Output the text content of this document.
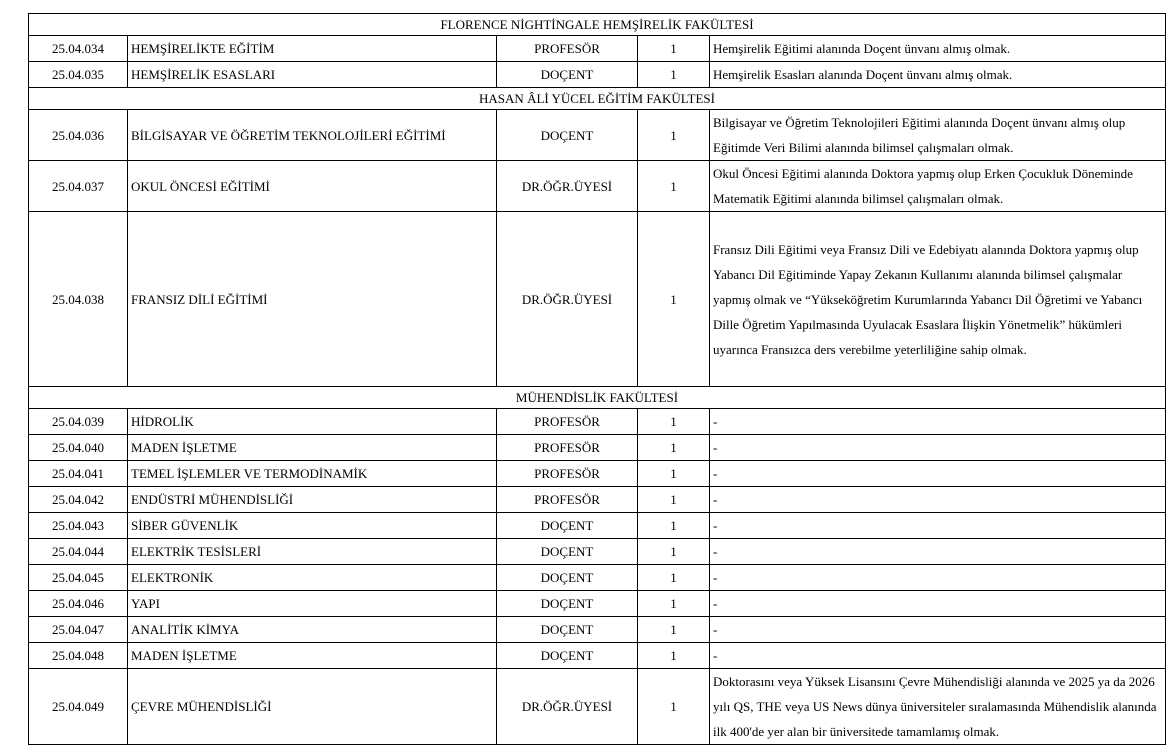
FLORENCE NİGHTİNGALE HEMŞİRELİK FAKÜLTESİ				
25.04.034	HEMŞİRELİKTE EĞİTİM	PROFESÖR	1	Hemşirelik Eğitimi alanında Doçent ünvanı almış olmak.
25.04.035	HEMŞİRELİK ESASLARI	DOÇENT	1	Hemşirelik Esasları alanında Doçent ünvanı almış olmak.
HASAN ÂLİ YÜCEL EĞİTİM FAKÜLTESİ				
25.04.036	BİLGİSAYAR VE ÖĞRETİM TEKNOLOJİLERİ EĞİTİMİ	DOÇENT	1	Bilgisayar ve Öğretim Teknolojileri Eğitimi alanında Doçent ünvanı almış olup Eğitimde Veri Bilimi alanında bilimsel çalışmaları olmak.
25.04.037	OKUL ÖNCESİ EĞİTİMİ	DR.ÖĞR.ÜYESİ	1	Okul Öncesi Eğitimi alanında Doktora yapmış olup Erken Çocukluk Döneminde Matematik Eğitimi alanında bilimsel çalışmaları olmak.
25.04.038	FRANSIZ DİLİ EĞİTİMİ	DR.ÖĞR.ÜYESİ	1	Fransız Dili Eğitimi veya Fransız Dili ve Edebiyatı alanında Doktora yapmış olup Yabancı Dil Eğitiminde Yapay Zekanın Kullanımı alanında bilimsel çalışmalar yapmış olmak ve “Yükseköğretim Kurumlarında Yabancı Dil Öğretimi ve Yabancı Dille Öğretim Yapılmasında Uyulacak Esaslara İlişkin Yönetmelik” hükümleri uyarınca Fransızca ders verebilme yeterliliğine sahip olmak.
MÜHENDİSLİK FAKÜLTESİ				
25.04.039	HİDROLİK	PROFESÖR	1	-
25.04.040	MADEN İŞLETME	PROFESÖR	1	-
25.04.041	TEMEL İŞLEMLER VE TERMODİNAMİK	PROFESÖR	1	-
25.04.042	ENDÜSTRİ MÜHENDİSLİĞİ	PROFESÖR	1	-
25.04.043	SİBER GÜVENLİK	DOÇENT	1	-
25.04.044	ELEKTRİK TESİSLERİ	DOÇENT	1	-
25.04.045	ELEKTRONİK	DOÇENT	1	-
25.04.046	YAPI	DOÇENT	1	-
25.04.047	ANALİTİK KİMYA	DOÇENT	1	-
25.04.048	MADEN İŞLETME	DOÇENT	1	-
25.04.049	ÇEVRE MÜHENDİSLİĞİ	DR.ÖĞR.ÜYESİ	1	Doktorasını veya Yüksek Lisansını Çevre Mühendisliği alanında ve 2025 ya da 2026 yılı QS, THE veya US News dünya üniversiteler sıralamasında Mühendislik alanında ilk 400'de yer alan bir üniversitede tamamlamış olmak.
